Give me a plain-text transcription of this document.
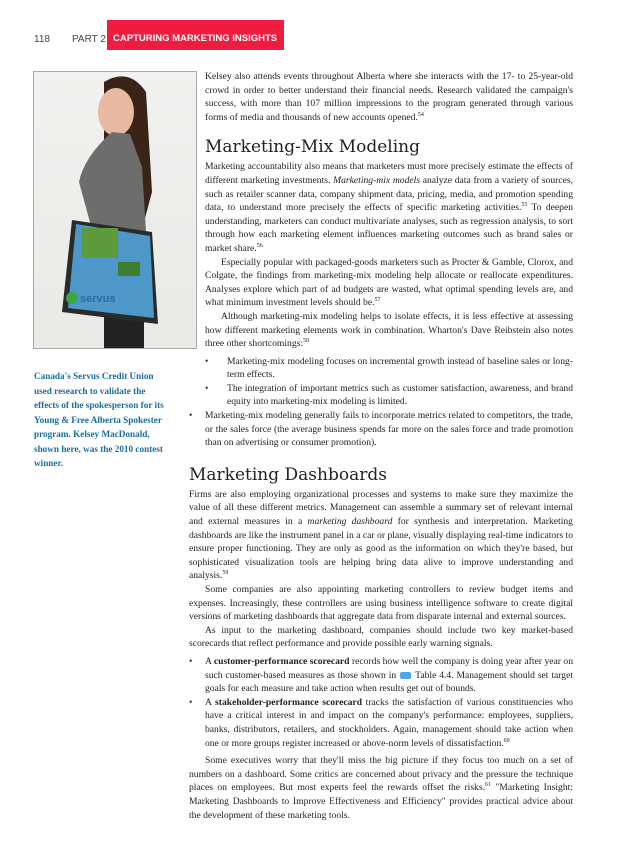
118 PART 2 CAPTURING MARKETING INSIGHTS
servus
Canada's Servus Credit Union used research to validate the effects of the spokesperson for its Young & Free Alberta Spokester program. Kelsey MacDonald, shown here, was the 2010 contest winner.

Kelsey also attends events throughout Alberta where she interacts with the 17- to 25-year-old crowd in order to better understand their financial needs. Research validated the campaign's success, with more than 107 million impressions to the program generated through various forms of media and thousands of new accounts opened.$^{54}$

Marketing-Mix Modeling

Marketing accountability also means that marketers must more precisely estimate the effects of different marketing investments. Marketing-mix models analyze data from a variety of sources, such as retailer scanner data, company shipment data, pricing, media, and promotion spending data, to understand more precisely the effects of specific marketing activities.$^{55}$ To deepen understanding, marketers can conduct multivariate analyses, such as regression analysis, to sort through how each marketing element influences marketing outcomes such as brand sales or market share.$^{56}$

Especially popular with packaged-goods marketers such as Procter & Gamble, Clorox, and Colgate, the findings from marketing-mix modeling help allocate or reallocate expenditures. Analyses explore which part of ad budgets are wasted, what optimal spending levels are, and what minimum investment levels should be.$^{57}$

Although marketing-mix modeling helps to isolate effects, it is less effective at assessing how different marketing elements work in combination. Wharton's Dave Reibstein also notes three other shortcomings:$^{58}$

• Marketing-mix modeling focuses on incremental growth instead of baseline sales or long-term effects.
• The integration of important metrics such as customer satisfaction, awareness, and brand equity into marketing-mix modeling is limited.
• Marketing-mix modeling generally fails to incorporate metrics related to competitors, the trade, or the sales force (the average business spends far more on the sales force and trade promotion than on advertising or consumer promotion).
Marketing Dashboards

Firms are also employing organizational processes and systems to make sure they maximize the value of all these different metrics. Management can assemble a summary set of relevant internal and external measures in a marketing dashboard for synthesis and interpretation. Marketing dashboards are like the instrument panel in a car or plane, visually displaying real-time indicators to ensure proper functioning. They are only as good as the information on which they're based, but sophisticated visualization tools are helping bring data alive to improve understanding and analysis.$^{59}$

Some companies are also appointing marketing controllers to review budget items and expenses. Increasingly, these controllers are using business intelligence software to create digital versions of marketing dashboards that aggregate data from disparate internal and external sources.

As input to the marketing dashboard, companies should include two key market-based scorecards that reflect performance and provide possible early warning signals.

• A customer-performance scorecard records how well the company is doing year after year on such customer-based measures as those shown in Table 4.4. Management should set target goals for each measure and take action when results get out of bounds.
• A stakeholder-performance scorecard tracks the satisfaction of various constituencies who have a critical interest in and impact on the company's performance: employees, suppliers, banks, distributors, retailers, and stockholders. Again, management should take action when one or more groups register increased or above-norm levels of dissatisfaction.$^{60}$

Some executives worry that they'll miss the big picture if they focus too much on a set of numbers on a dashboard. Some critics are concerned about privacy and the pressure the technique places on employees. But most experts feel the rewards offset the risks.$^{61}$ "Marketing Insight: Marketing Dashboards to Improve Effectiveness and Efficiency" provides practical advice about the development of these marketing tools.
